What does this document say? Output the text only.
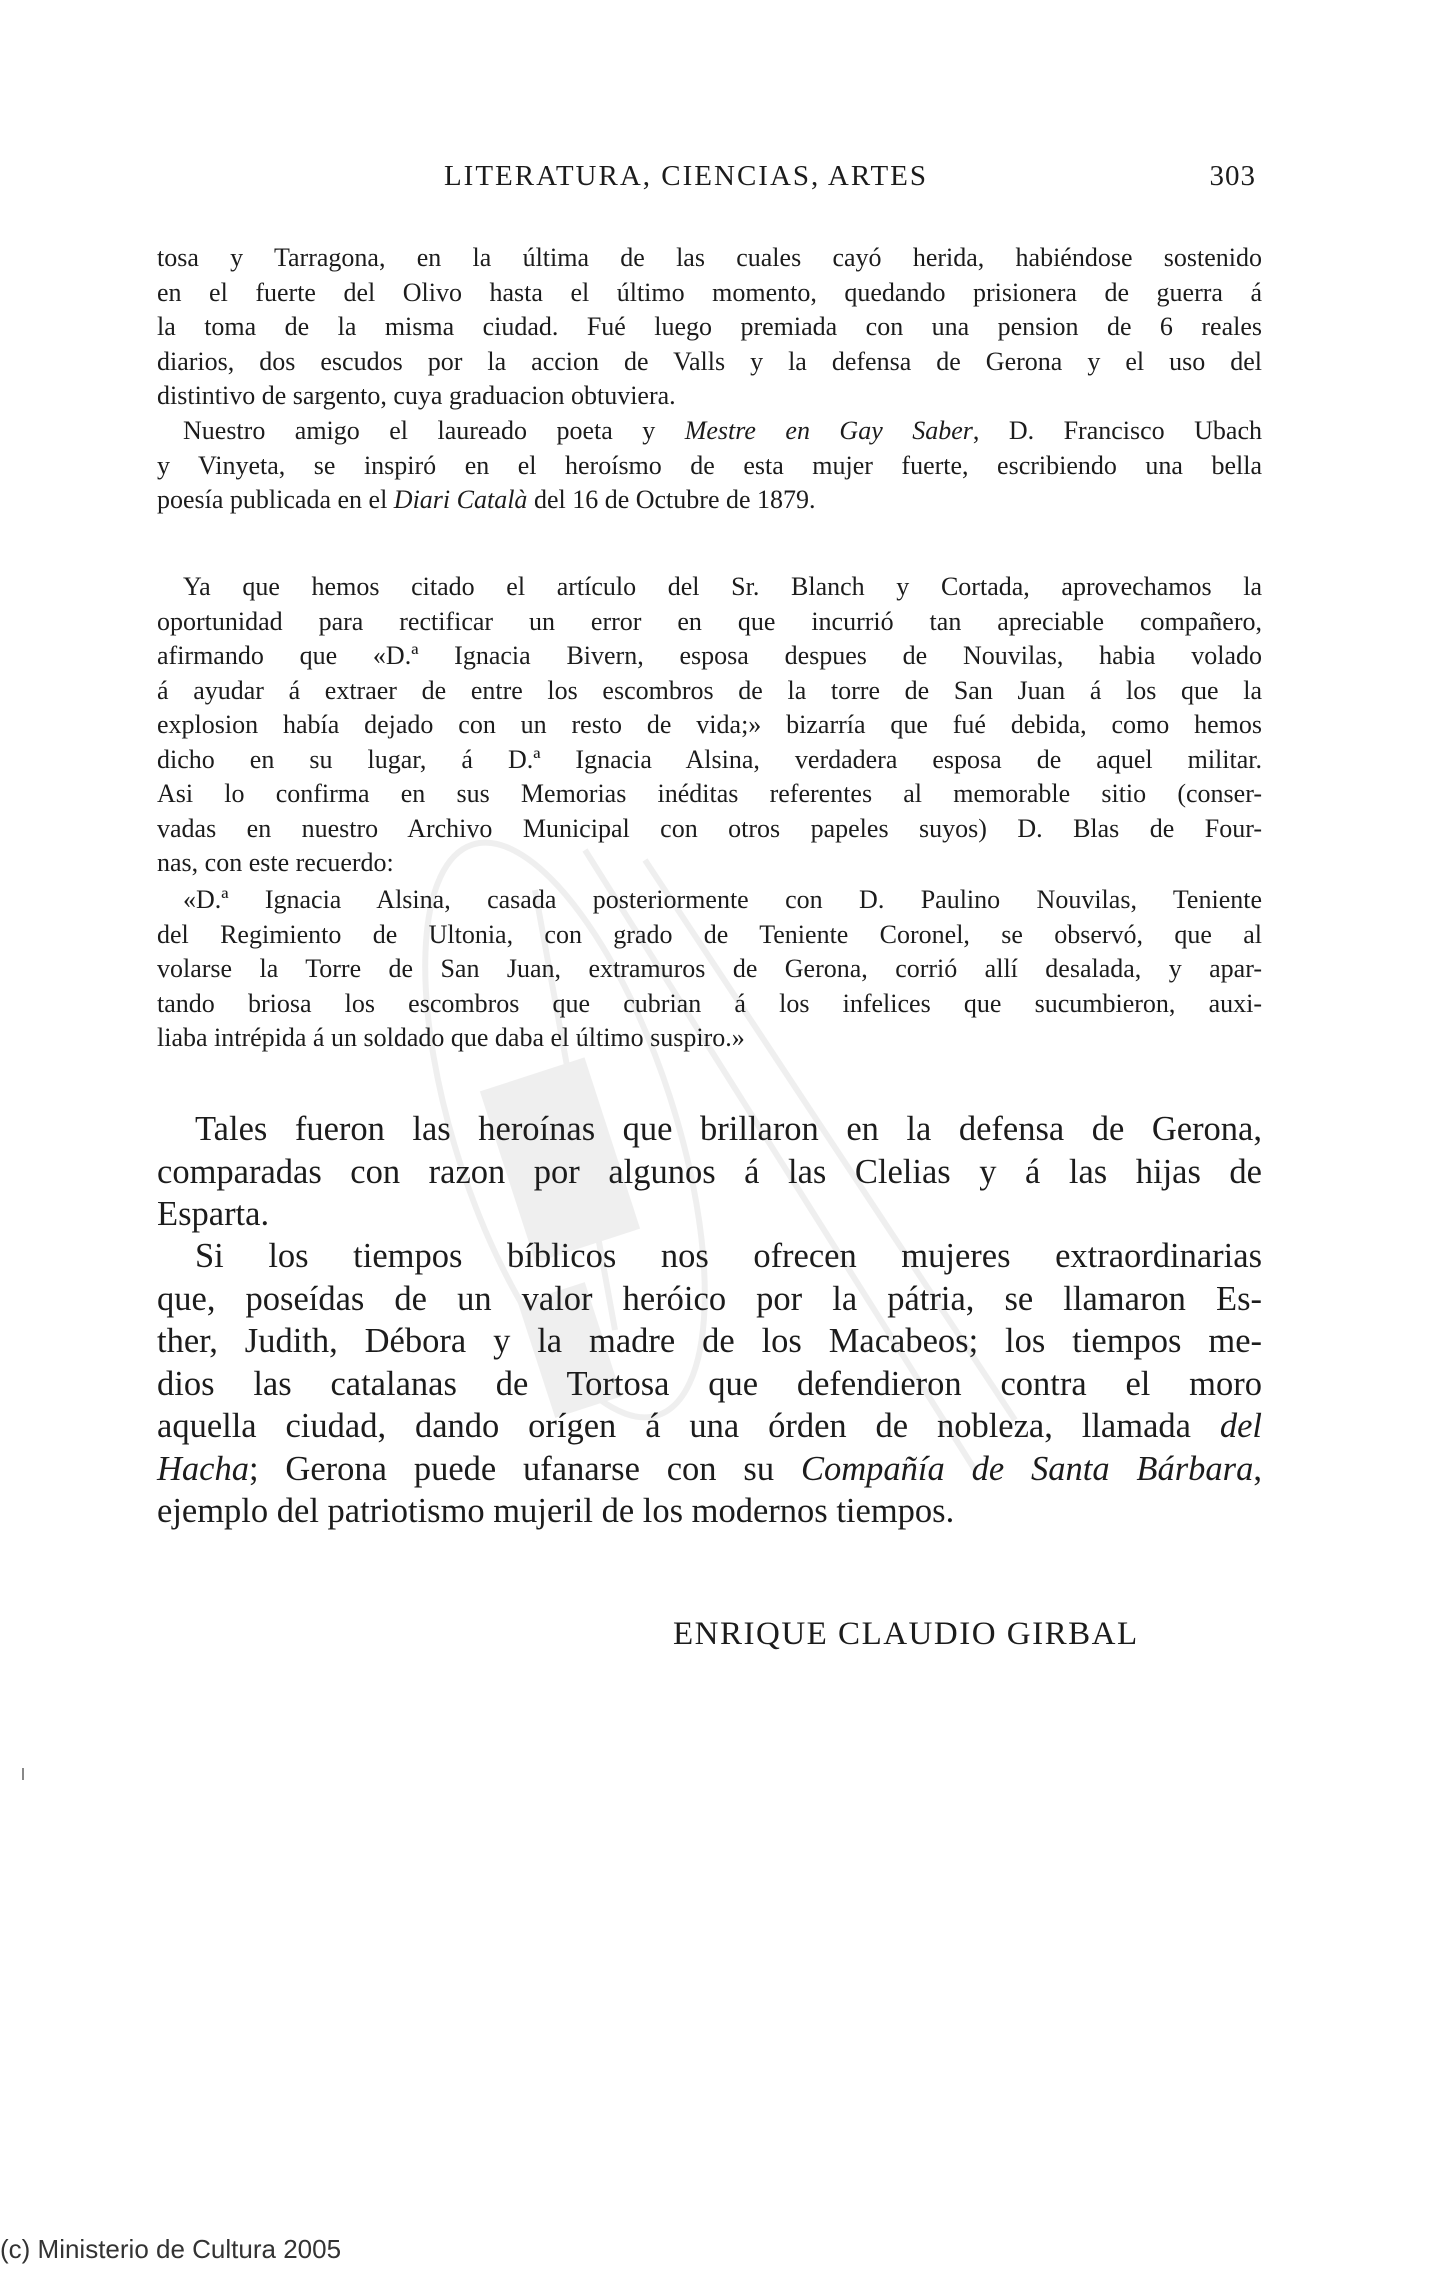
LITERATURA, CIENCIAS, ARTES	303
tosa y Tarragona, en la última de las cuales cayó herida, habiéndose sostenido
en el fuerte del Olivo hasta el último momento, quedando prisionera de guerra á
la toma de la misma ciudad. Fué luego premiada con una pension de 6 reales
diarios, dos escudos por la accion de Valls y la defensa de Gerona y el uso del
distintivo de sargento, cuya graduacion obtuviera.
Nuestro amigo el laureado poeta y Mestre en Gay Saber, D. Francisco Ubach
y Vinyeta, se inspiró en el heroísmo de esta mujer fuerte, escribiendo una bella
poesía publicada en el Diari Català del 16 de Octubre de 1879.
Ya que hemos citado el artículo del Sr. Blanch y Cortada, aprovechamos la
oportunidad para rectificar un error en que incurrió tan apreciable compañero,
afirmando que «D.ª Ignacia Bivern, esposa despues de Nouvilas, habia volado
á ayudar á extraer de entre los escombros de la torre de San Juan á los que la
explosion había dejado con un resto de vida;» bizarría que fué debida, como hemos
dicho en su lugar, á D.ª Ignacia Alsina, verdadera esposa de aquel militar.
Asi lo confirma en sus Memorias inéditas referentes al memorable sitio (conser-
vadas en nuestro Archivo Municipal con otros papeles suyos) D. Blas de Four-
nas, con este recuerdo:
«D.ª Ignacia Alsina, casada posteriormente con D. Paulino Nouvilas, Teniente
del Regimiento de Ultonia, con grado de Teniente Coronel, se observó, que al
volarse la Torre de San Juan, extramuros de Gerona, corrió allí desalada, y apar-
tando briosa los escombros que cubrian á los infelices que sucumbieron, auxi-
liaba intrépida á un soldado que daba el último suspiro.»
Tales fueron las heroínas que brillaron en la defensa de Gerona,
comparadas con razon por algunos á las Clelias y á las hijas de
Esparta.
Si los tiempos bíblicos nos ofrecen mujeres extraordinarias
que, poseídas de un valor heróico por la pátria, se llamaron Es-
ther, Judith, Débora y la madre de los Macabeos; los tiempos me-
dios las catalanas de Tortosa que defendieron contra el moro
aquella ciudad, dando orígen á una órden de nobleza, llamada del
Hacha; Gerona puede ufanarse con su Compañía de Santa Bárbara,
ejemplo del patriotismo mujeril de los modernos tiempos.
ENRIQUE CLAUDIO GIRBAL
(c) Ministerio de Cultura 2005
